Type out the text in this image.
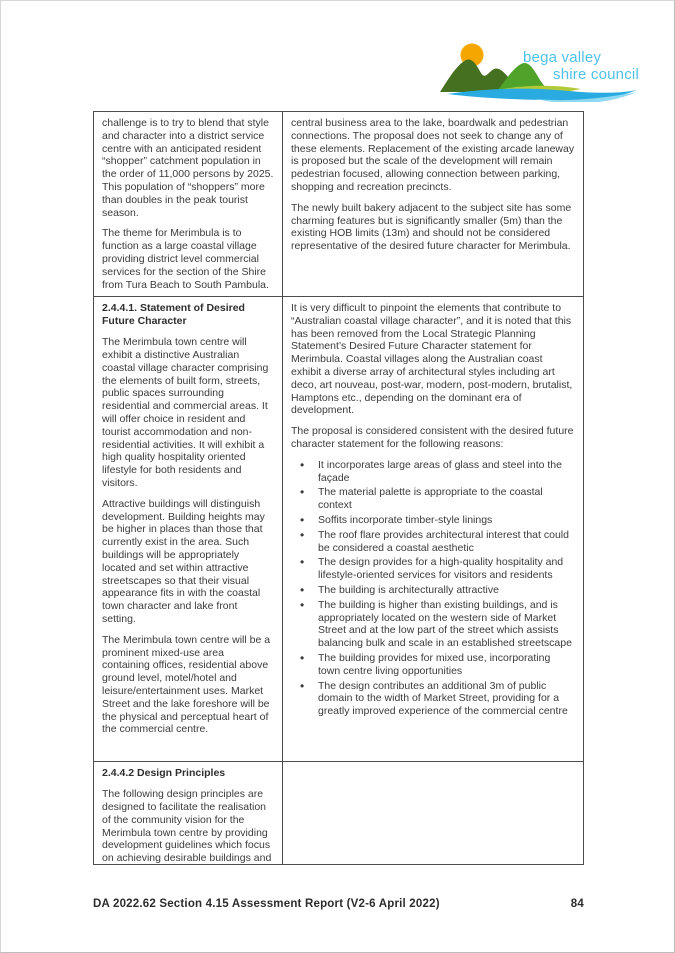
bega valley
shire council

challenge is to try to blend that style and character into a district service centre with an anticipated resident “shopper” catchment population in the order of 11,000 persons by 2025. This population of “shoppers” more than doubles in the peak tourist season.

The theme for Merimbula is to function as a large coastal village providing district level commercial services for the section of the Shire from Tura Beach to South Pambula.

central business area to the lake, boardwalk and pedestrian connections. The proposal does not seek to change any of these elements. Replacement of the existing arcade laneway is proposed but the scale of the development will remain pedestrian focused, allowing connection between parking, shopping and recreation precincts.

The newly built bakery adjacent to the subject site has some charming features but is significantly smaller (5m) than the existing HOB limits (13m) and should not be considered representative of the desired future character for Merimbula.

2.4.4.1. Statement of Desired Future Character

The Merimbula town centre will exhibit a distinctive Australian coastal village character comprising the elements of built form, streets, public spaces surrounding residential and commercial areas. It will offer choice in resident and tourist accommodation and non-residential activities. It will exhibit a high quality hospitality oriented lifestyle for both residents and visitors.

Attractive buildings will distinguish development. Building heights may be higher in places than those that currently exist in the area. Such buildings will be appropriately located and set within attractive streetscapes so that their visual appearance fits in with the coastal town character and lake front setting.

The Merimbula town centre will be a prominent mixed-use area containing offices, residential above ground level, motel/hotel and leisure/entertainment uses. Market Street and the lake foreshore will be the physical and perceptual heart of the commercial centre.

It is very difficult to pinpoint the elements that contribute to “Australian coastal village character”, and it is noted that this has been removed from the Local Strategic Planning Statement’s Desired Future Character statement for Merimbula. Coastal villages along the Australian coast exhibit a diverse array of architectural styles including art deco, art nouveau, post-war, modern, post-modern, brutalist, Hamptons etc., depending on the dominant era of development.

The proposal is considered consistent with the desired future character statement for the following reasons:

• It incorporates large areas of glass and steel into the façade
• The material palette is appropriate to the coastal context
• Soffits incorporate timber-style linings
• The roof flare provides architectural interest that could be considered a coastal aesthetic
• The design provides for a high-quality hospitality and lifestyle-oriented services for visitors and residents
• The building is architecturally attractive
• The building is higher than existing buildings, and is appropriately located on the western side of Market Street and at the low part of the street which assists balancing bulk and scale in an established streetscape
• The building provides for mixed use, incorporating town centre living opportunities
• The design contributes an additional 3m of public domain to the width of Market Street, providing for a greatly improved experience of the commercial centre
2.4.4.2 Design Principles

The following design principles are designed to facilitate the realisation of the community vision for the Merimbula town centre by providing development guidelines which focus on achieving desirable buildings and

DA 2022.62 Section 4.15 Assessment Report (V2-6 April 2022)	84
